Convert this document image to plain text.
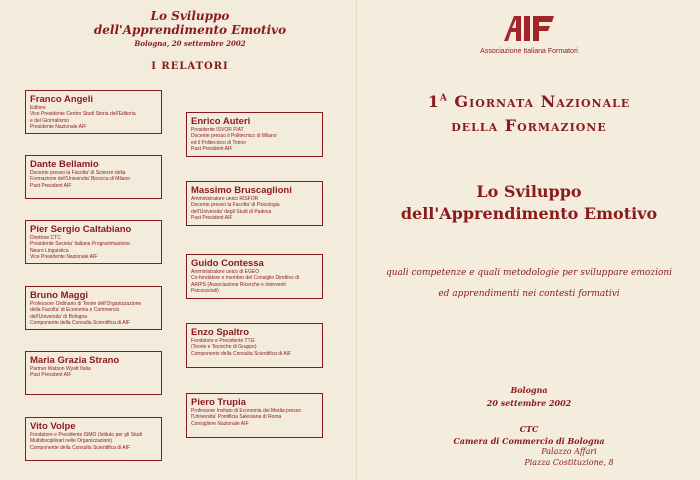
Lo Sviluppo
dell'Apprendimento Emotivo
Bologna, 20 settembre 2002
I RELATORI
Franco Angeli
Editore
Vice Presidente Centro Studi Storia dell'Editoria
e del Giornalismo
Presidente Nazionale AIF
Enrico Auteri
Presidente ISVOR FIAT
Docente presso il Politecnico di Milano
ed il Politecnico di Torino
Past President AIF
Dante Bellamio
Docente presso la Facolta' di Scienze della
Formazione dell'Universita' Bicocca di Milano
Past President AIF	Massimo Bruscaglioni
Amministratore unico RISFOR
Docente presso la Facolta' di Psicologia
dell'Universita' degli Studi di Padova
Past President AIF
Pier Sergio Caltabiano
Direttore CTC
Presidente Societa' Italiana Programmazione
Neuro Linguistica
Vice Presidente Nazionale AIF
Guido Contessa
Amministratore unico di EGEO
Co-fondatore e membro del Consiglio Direttivo di
ARIPS (Associazione Ricerche e Interventi
Psicosociali)
Bruno Maggi
Professore Ordinario di Teorie dell'Organizzazione
della Facolta' di Economia e Commercio
dell'Universita' di Bologna
Componente della Consulta Scientifica di AIF
Enzo Spaltro
Fondatore e Presidente TTG
(Teorie e Tecniche di Gruppo)
Componente della Consulta Scientifica di AIF
Maria Grazia Strano
Partner Watson Wyatt Italia
Past President AIF
Piero Trupia
Professore Invitato di Economia dei Media presso
l'Universita' Pontificia Salesiana di Roma
Consigliere Nazionale AIF
Vito Volpe
Fondatore e Presidente ISMO (Istituto per gli Studi
Multidisciplinari nelle Organizzazioni)
Componente della Consulta Scientifica di AIF
Associazione Italiana Formatori
$1^A$ Giornata Nazionale
della Formazione
Lo Sviluppo
dell'Apprendimento Emotivo
quali competenze e quali metodologie per sviluppare emozioni
ed apprendimenti nei contesti formativi
Bologna
20 settembre 2002
CTC
Camera di Commercio di Bologna
Palazzo Affari
Piazza Costituzione, 8
